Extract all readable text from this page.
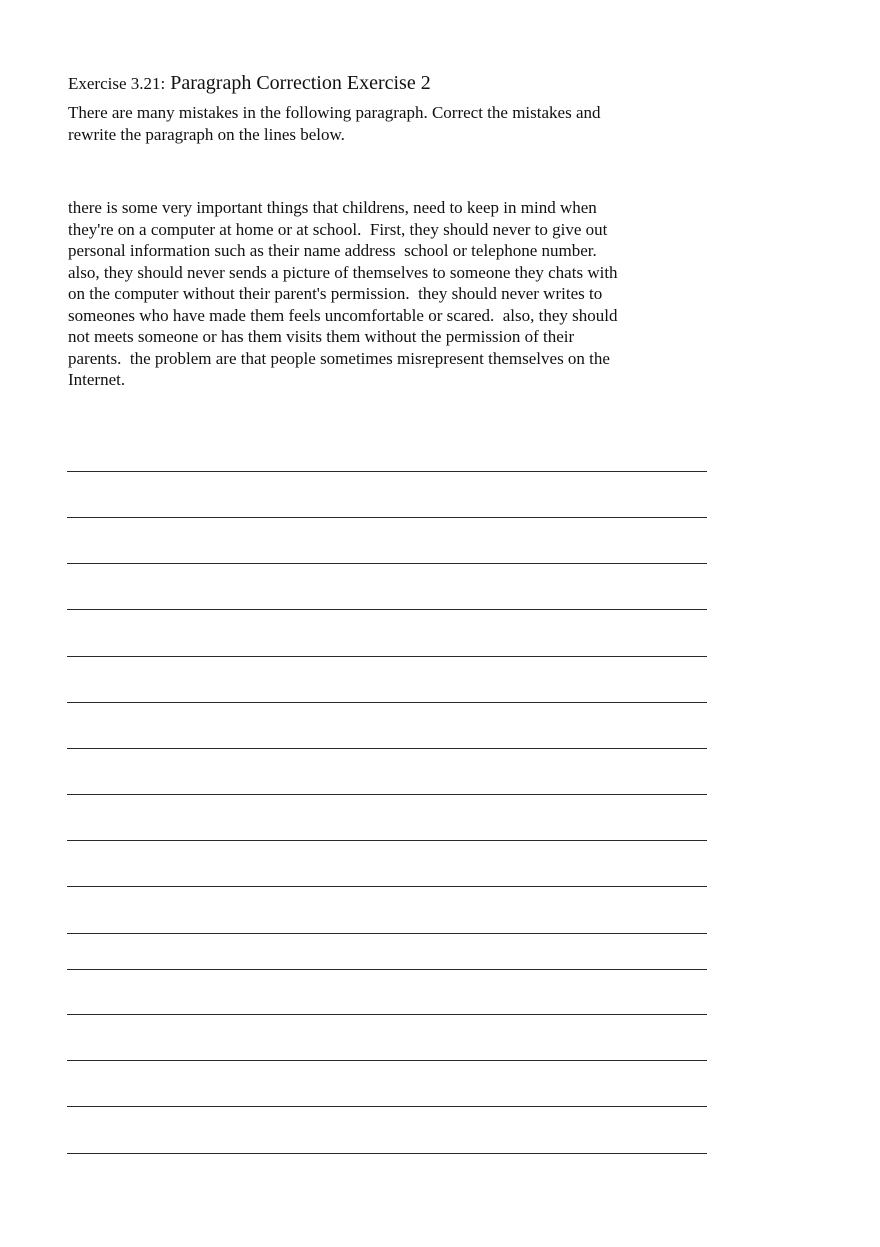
Exercise 3.21: Paragraph Correction Exercise 2
There are many mistakes in the following paragraph. Correct the mistakes and
rewrite the paragraph on the lines below.
there is some very important things that childrens, need to keep in mind when
they're on a computer at home or at school.  First, they should never to give out
personal information such as their name address  school or telephone number.
also, they should never sends a picture of themselves to someone they chats with
on the computer without their parent's permission.  they should never writes to
someones who have made them feels uncomfortable or scared.  also, they should
not meets someone or has them visits them without the permission of their
parents.  the problem are that people sometimes misrepresent themselves on the
Internet.
